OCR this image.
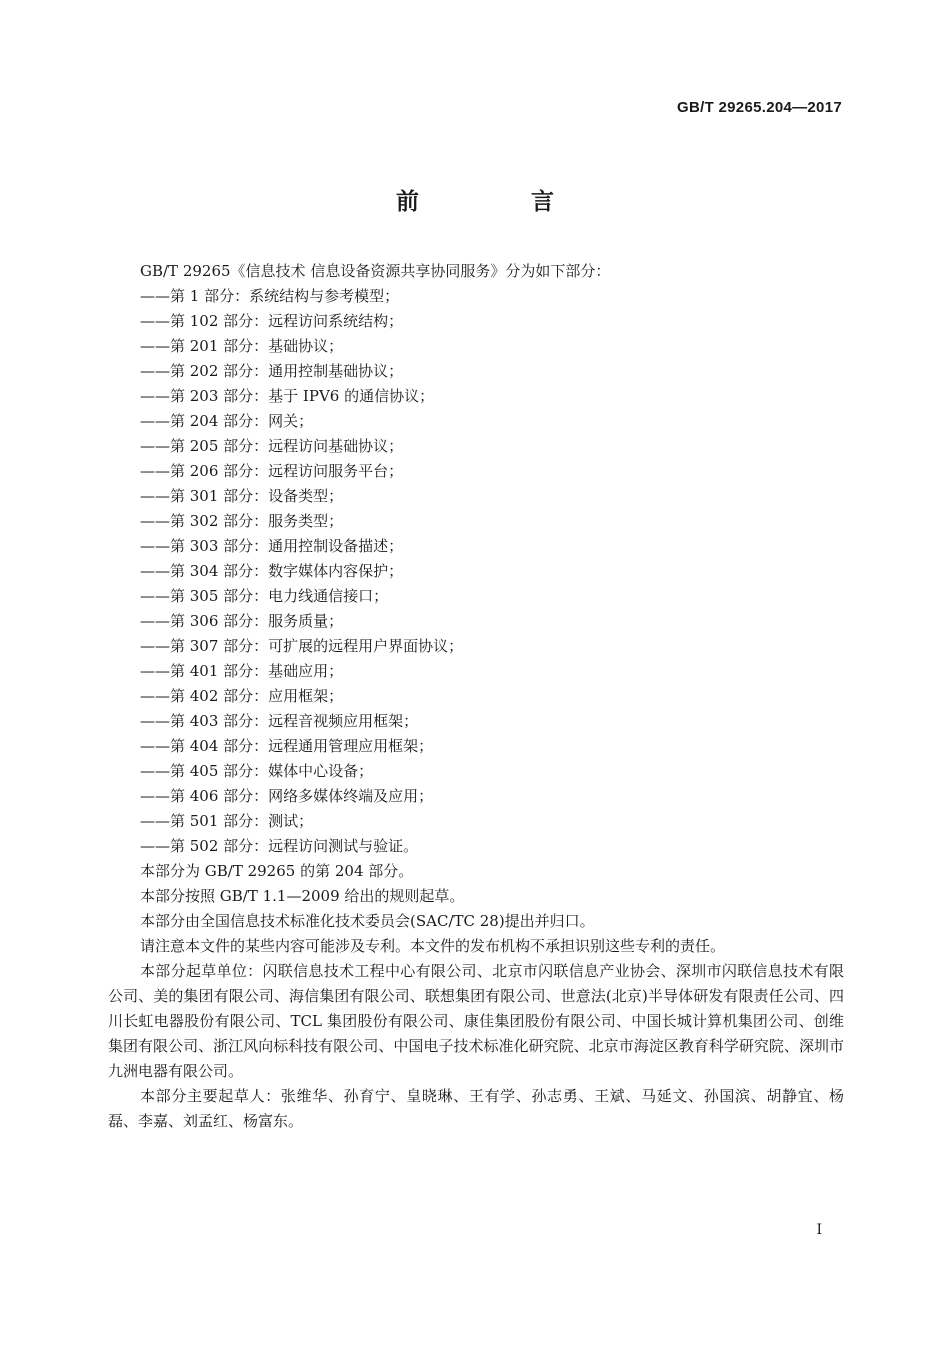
GB/T 29265.204—2017
前 言

GB/T 29265《信息技术 信息设备资源共享协同服务》分为如下部分：

——第 1 部分：系统结构与参考模型；
——第 102 部分：远程访问系统结构；
——第 201 部分：基础协议；
——第 202 部分：通用控制基础协议；
——第 203 部分：基于 IPV6 的通信协议；
——第 204 部分：网关；
——第 205 部分：远程访问基础协议；
——第 206 部分：远程访问服务平台；
——第 301 部分：设备类型；
——第 302 部分：服务类型；
——第 303 部分：通用控制设备描述；
——第 304 部分：数字媒体内容保护；
——第 305 部分：电力线通信接口；
——第 306 部分：服务质量；
——第 307 部分：可扩展的远程用户界面协议；
——第 401 部分：基础应用；
——第 402 部分：应用框架；
——第 403 部分：远程音视频应用框架；
——第 404 部分：远程通用管理应用框架；
——第 405 部分：媒体中心设备；
——第 406 部分：网络多媒体终端及应用；
——第 501 部分：测试；
——第 502 部分：远程访问测试与验证。

本部分为 GB/T 29265 的第 204 部分。

本部分按照 GB/T 1.1—2009 给出的规则起草。

本部分由全国信息技术标准化技术委员会(SAC/TC 28)提出并归口。

请注意本文件的某些内容可能涉及专利。本文件的发布机构不承担识别这些专利的责任。

本部分起草单位：闪联信息技术工程中心有限公司、北京市闪联信息产业协会、深圳市闪联信息技术有限公司、美的集团有限公司、海信集团有限公司、联想集团有限公司、世意法(北京)半导体研发有限责任公司、四川长虹电器股份有限公司、TCL 集团股份有限公司、康佳集团股份有限公司、中国长城计算机集团公司、创维集团有限公司、浙江风向标科技有限公司、中国电子技术标准化研究院、北京市海淀区教育科学研究院、深圳市九洲电器有限公司。

本部分主要起草人：张维华、孙育宁、皇晓琳、王有学、孙志勇、王斌、马延文、孙国滨、胡静宜、杨磊、李嘉、刘孟红、杨富东。

I
